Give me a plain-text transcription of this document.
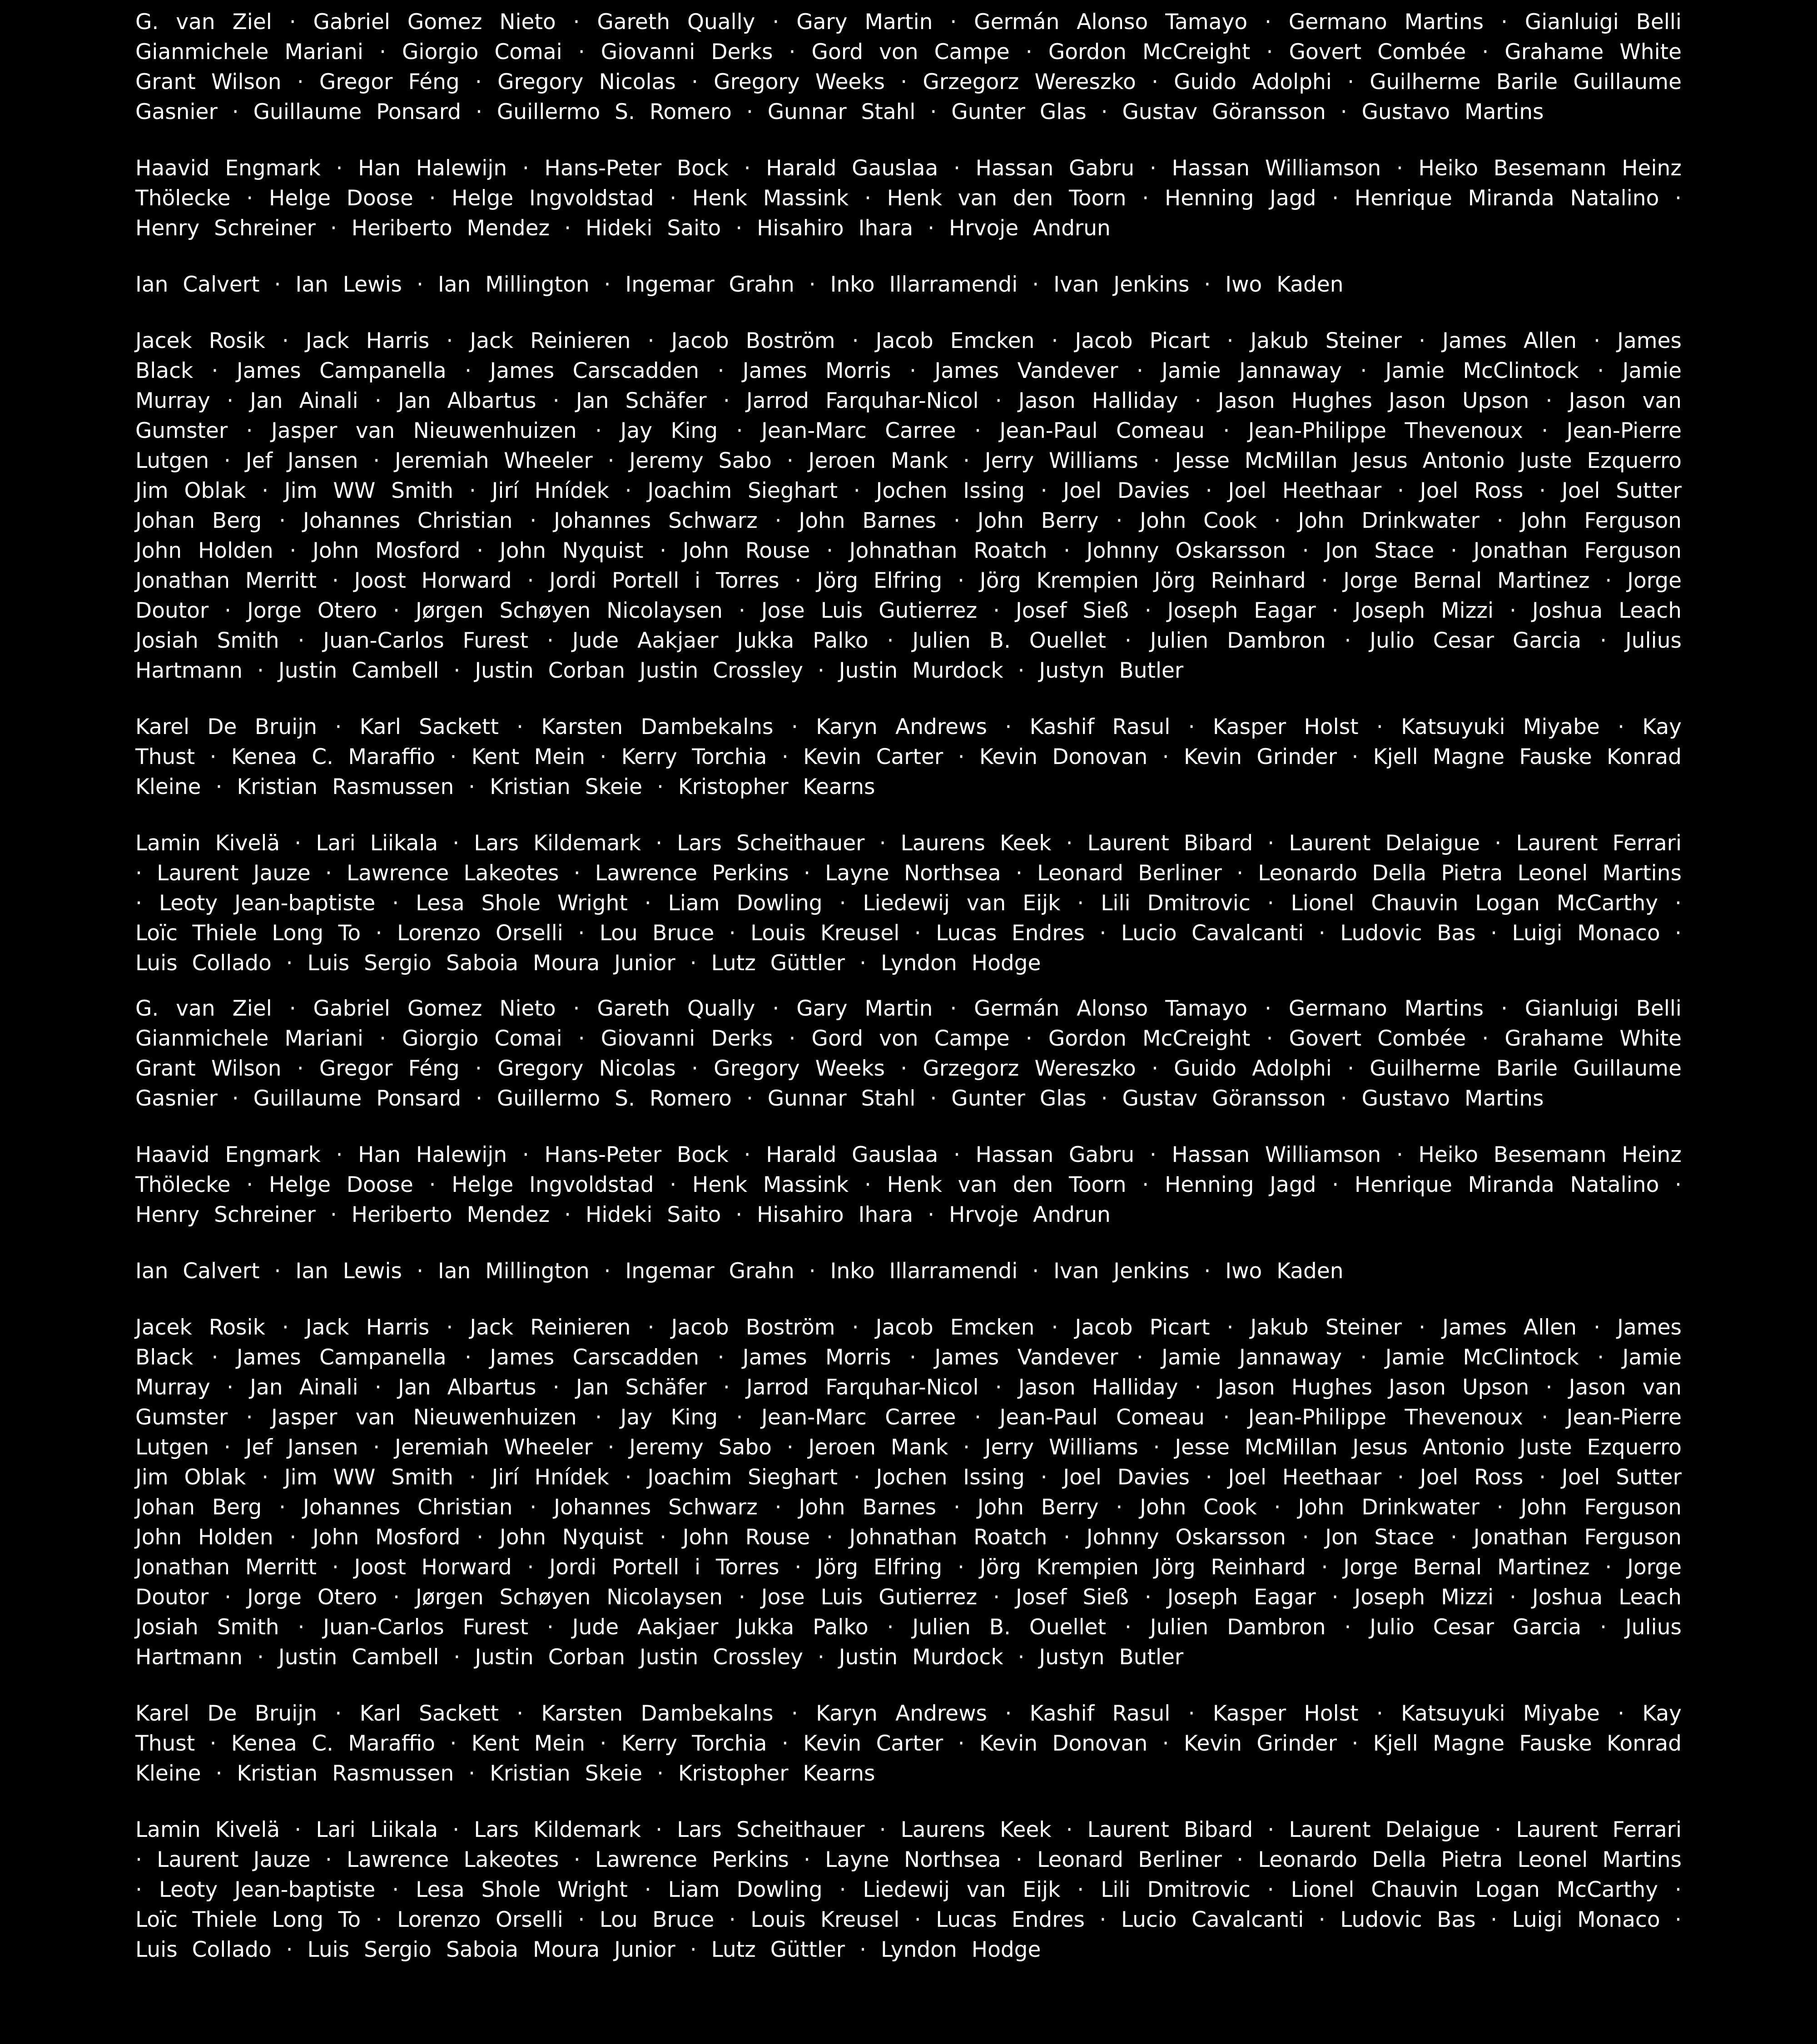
G. van Ziel · Gabriel Gomez Nieto · Gareth Qually · Gary Martin · Germán Alonso Tamayo · Germano Martins · Gianluigi Belli Gianmichele Mariani · Giorgio Comai · Giovanni Derks · Gord von Campe · Gordon McCreight · Govert Combée · Grahame White Grant Wilson · Gregor Féng · Gregory Nicolas · Gregory Weeks · Grzegorz Wereszko · Guido Adolphi · Guilherme Barile Guillaume Gasnier · Guillaume Ponsard · Guillermo S. Romero · Gunnar Stahl · Gunter Glas · Gustav Göransson · Gustavo Martins

Haavid Engmark · Han Halewijn · Hans-Peter Bock · Harald Gauslaa · Hassan Gabru · Hassan Williamson · Heiko Besemann Heinz Thölecke · Helge Doose · Helge Ingvoldstad · Henk Massink · Henk van den Toorn · Henning Jagd · Henrique Miranda Natalino · Henry Schreiner · Heriberto Mendez · Hideki Saito · Hisahiro Ihara · Hrvoje Andrun

Ian Calvert · Ian Lewis · Ian Millington · Ingemar Grahn · Inko Illarramendi · Ivan Jenkins · Iwo Kaden

Jacek Rosik · Jack Harris · Jack Reinieren · Jacob Boström · Jacob Emcken · Jacob Picart · Jakub Steiner · James Allen · James Black · James Campanella · James Carscadden · James Morris · James Vandever · Jamie Jannaway · Jamie McClintock · Jamie Murray · Jan Ainali · Jan Albartus · Jan Schäfer · Jarrod Farquhar-Nicol · Jason Halliday · Jason Hughes Jason Upson · Jason van Gumster · Jasper van Nieuwenhuizen · Jay King · Jean-Marc Carree · Jean-Paul Comeau · Jean-Philippe Thevenoux · Jean-Pierre Lutgen · Jef Jansen · Jeremiah Wheeler · Jeremy Sabo · Jeroen Mank · Jerry Williams · Jesse McMillan Jesus Antonio Juste Ezquerro Jim Oblak · Jim WW Smith · Jirí Hnídek · Joachim Sieghart · Jochen Issing · Joel Davies · Joel Heethaar · Joel Ross · Joel Sutter Johan Berg · Johannes Christian · Johannes Schwarz · John Barnes · John Berry · John Cook · John Drinkwater · John Ferguson John Holden · John Mosford · John Nyquist · John Rouse · Johnathan Roatch · Johnny Oskarsson · Jon Stace · Jonathan Ferguson Jonathan Merritt · Joost Horward · Jordi Portell i Torres · Jörg Elfring · Jörg Krempien Jörg Reinhard · Jorge Bernal Martinez · Jorge Doutor · Jorge Otero · Jørgen Schøyen Nicolaysen · Jose Luis Gutierrez · Josef Sieß · Joseph Eagar · Joseph Mizzi · Joshua Leach Josiah Smith · Juan-Carlos Furest · Jude Aakjaer Jukka Palko · Julien B. Ouellet · Julien Dambron · Julio Cesar Garcia · Julius Hartmann · Justin Cambell · Justin Corban Justin Crossley · Justin Murdock · Justyn Butler

Karel De Bruijn · Karl Sackett · Karsten Dambekalns · Karyn Andrews · Kashif Rasul · Kasper Holst · Katsuyuki Miyabe · Kay Thust · Kenea C. Maraffio · Kent Mein · Kerry Torchia · Kevin Carter · Kevin Donovan · Kevin Grinder · Kjell Magne Fauske Konrad Kleine · Kristian Rasmussen · Kristian Skeie · Kristopher Kearns

Lamin Kivelä · Lari Liikala · Lars Kildemark · Lars Scheithauer · Laurens Keek · Laurent Bibard · Laurent Delaigue · Laurent Ferrari · Laurent Jauze · Lawrence Lakeotes · Lawrence Perkins · Layne Northsea · Leonard Berliner · Leonardo Della Pietra Leonel Martins · Leoty Jean-baptiste · Lesa Shole Wright · Liam Dowling · Liedewij van Eijk · Lili Dmitrovic · Lionel Chauvin Logan McCarthy · Loïc Thiele Long To · Lorenzo Orselli · Lou Bruce · Louis Kreusel · Lucas Endres · Lucio Cavalcanti · Ludovic Bas · Luigi Monaco · Luis Collado · Luis Sergio Saboia Moura Junior · Lutz Güttler · Lyndon Hodge

G. van Ziel · Gabriel Gomez Nieto · Gareth Qually · Gary Martin · Germán Alonso Tamayo · Germano Martins · Gianluigi Belli Gianmichele Mariani · Giorgio Comai · Giovanni Derks · Gord von Campe · Gordon McCreight · Govert Combée · Grahame White Grant Wilson · Gregor Féng · Gregory Nicolas · Gregory Weeks · Grzegorz Wereszko · Guido Adolphi · Guilherme Barile Guillaume Gasnier · Guillaume Ponsard · Guillermo S. Romero · Gunnar Stahl · Gunter Glas · Gustav Göransson · Gustavo Martins

Haavid Engmark · Han Halewijn · Hans-Peter Bock · Harald Gauslaa · Hassan Gabru · Hassan Williamson · Heiko Besemann Heinz Thölecke · Helge Doose · Helge Ingvoldstad · Henk Massink · Henk van den Toorn · Henning Jagd · Henrique Miranda Natalino · Henry Schreiner · Heriberto Mendez · Hideki Saito · Hisahiro Ihara · Hrvoje Andrun

Ian Calvert · Ian Lewis · Ian Millington · Ingemar Grahn · Inko Illarramendi · Ivan Jenkins · Iwo Kaden

Jacek Rosik · Jack Harris · Jack Reinieren · Jacob Boström · Jacob Emcken · Jacob Picart · Jakub Steiner · James Allen · James Black · James Campanella · James Carscadden · James Morris · James Vandever · Jamie Jannaway · Jamie McClintock · Jamie Murray · Jan Ainali · Jan Albartus · Jan Schäfer · Jarrod Farquhar-Nicol · Jason Halliday · Jason Hughes Jason Upson · Jason van Gumster · Jasper van Nieuwenhuizen · Jay King · Jean-Marc Carree · Jean-Paul Comeau · Jean-Philippe Thevenoux · Jean-Pierre Lutgen · Jef Jansen · Jeremiah Wheeler · Jeremy Sabo · Jeroen Mank · Jerry Williams · Jesse McMillan Jesus Antonio Juste Ezquerro Jim Oblak · Jim WW Smith · Jirí Hnídek · Joachim Sieghart · Jochen Issing · Joel Davies · Joel Heethaar · Joel Ross · Joel Sutter Johan Berg · Johannes Christian · Johannes Schwarz · John Barnes · John Berry · John Cook · John Drinkwater · John Ferguson John Holden · John Mosford · John Nyquist · John Rouse · Johnathan Roatch · Johnny Oskarsson · Jon Stace · Jonathan Ferguson Jonathan Merritt · Joost Horward · Jordi Portell i Torres · Jörg Elfring · Jörg Krempien Jörg Reinhard · Jorge Bernal Martinez · Jorge Doutor · Jorge Otero · Jørgen Schøyen Nicolaysen · Jose Luis Gutierrez · Josef Sieß · Joseph Eagar · Joseph Mizzi · Joshua Leach Josiah Smith · Juan-Carlos Furest · Jude Aakjaer Jukka Palko · Julien B. Ouellet · Julien Dambron · Julio Cesar Garcia · Julius Hartmann · Justin Cambell · Justin Corban Justin Crossley · Justin Murdock · Justyn Butler

Karel De Bruijn · Karl Sackett · Karsten Dambekalns · Karyn Andrews · Kashif Rasul · Kasper Holst · Katsuyuki Miyabe · Kay Thust · Kenea C. Maraffio · Kent Mein · Kerry Torchia · Kevin Carter · Kevin Donovan · Kevin Grinder · Kjell Magne Fauske Konrad Kleine · Kristian Rasmussen · Kristian Skeie · Kristopher Kearns

Lamin Kivelä · Lari Liikala · Lars Kildemark · Lars Scheithauer · Laurens Keek · Laurent Bibard · Laurent Delaigue · Laurent Ferrari · Laurent Jauze · Lawrence Lakeotes · Lawrence Perkins · Layne Northsea · Leonard Berliner · Leonardo Della Pietra Leonel Martins · Leoty Jean-baptiste · Lesa Shole Wright · Liam Dowling · Liedewij van Eijk · Lili Dmitrovic · Lionel Chauvin Logan McCarthy · Loïc Thiele Long To · Lorenzo Orselli · Lou Bruce · Louis Kreusel · Lucas Endres · Lucio Cavalcanti · Ludovic Bas · Luigi Monaco · Luis Collado · Luis Sergio Saboia Moura Junior · Lutz Güttler · Lyndon Hodge
